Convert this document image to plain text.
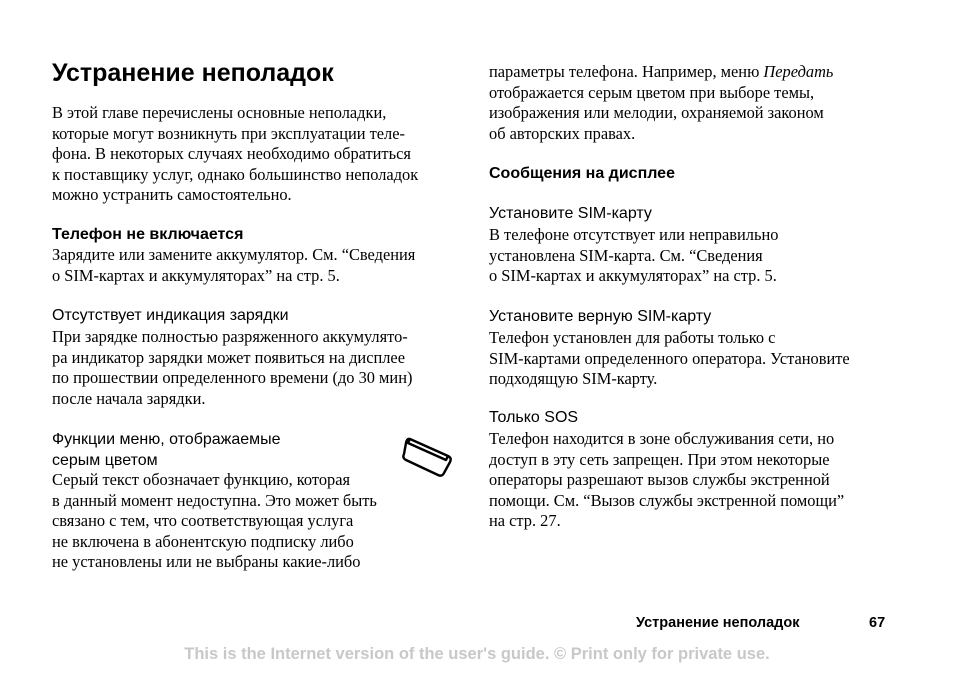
Устранение неполадок
В этой главе перечислены основные неполадки,
которые могут возникнуть при эксплуатации теле-
фона. В некоторых случаях необходимо обратиться
к поставщику услуг, однако большинство неполадок
можно устранить самостоятельно.
Телефон не включается
Зарядите или замените аккумулятор. См. “Сведения
о SIM-картах и аккумуляторах” на стр. 5.
Отсутствует индикация зарядки
При зарядке полностью разряженного аккумулято-
ра индикатор зарядки может появиться на дисплее
по прошествии определенного времени (до 30 мин)
после начала зарядки.
Функции меню, отображаемые
серым цветом
Серый текст обозначает функцию, которая
в данный момент недоступна. Это может быть
связано с тем, что соответствующая услуга
не включена в абонентскую подписку либо
не установлены или не выбраны какие-либо
параметры телефона. Например, меню Передать
отображается серым цветом при выборе темы,
изображения или мелодии, охраняемой законом
об авторских правах.
Сообщения на дисплее
Установите SIM-карту
В телефоне отсутствует или неправильно
установлена SIM-карта. См. “Сведения
о SIM-картах и аккумуляторах” на стр. 5.
Установите верную SIM-карту
Телефон установлен для работы только с
SIM-картами определенного оператора. Установите
подходящую SIM-карту.
Только SOS
Телефон находится в зоне обслуживания сети, но
доступ в эту сеть запрещен. При этом некоторые
операторы разрешают вызов службы экстренной
помощи. См. “Вызов службы экстренной помощи”
на стр. 27.
Устранение неполадок	67
This is the Internet version of the user's guide. © Print only for private use.
